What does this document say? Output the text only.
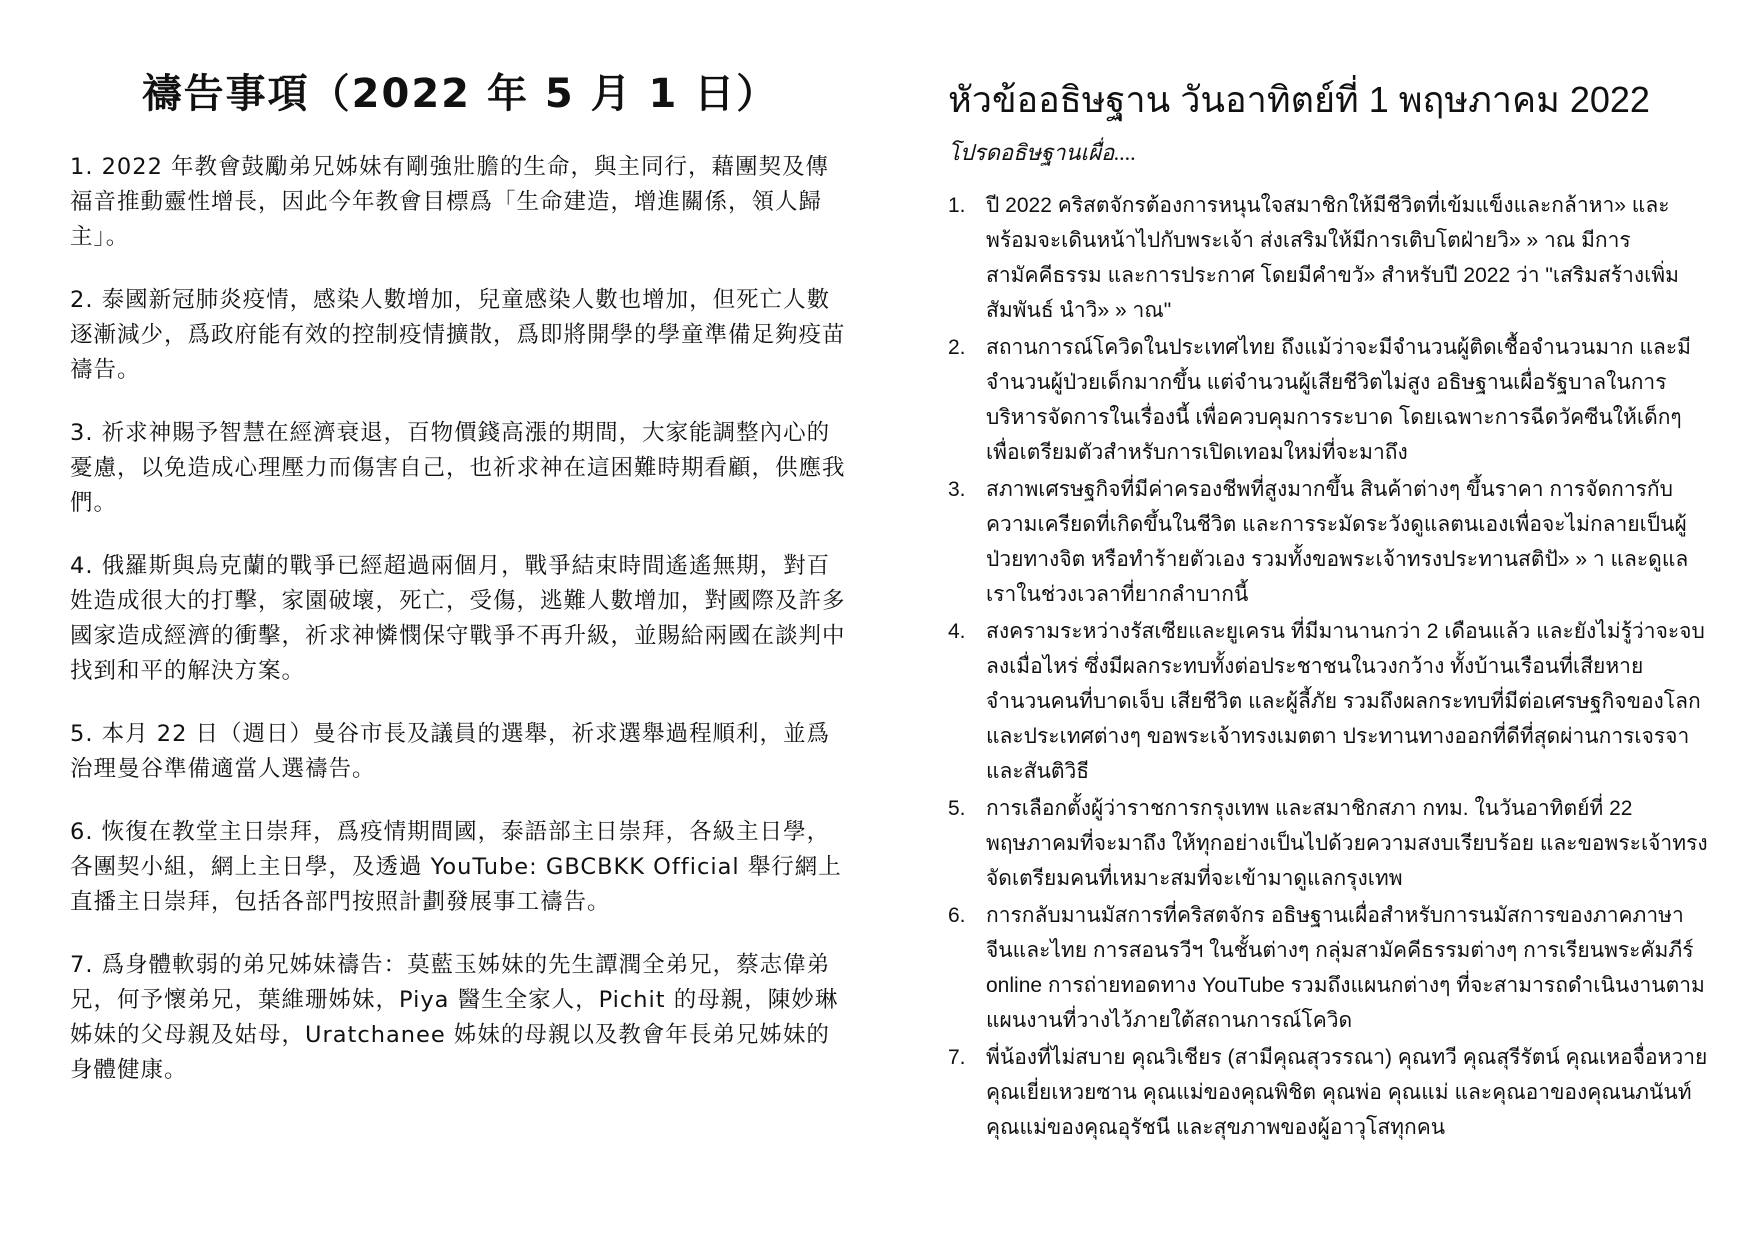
禱告事項（2022 年 5 月 1 日）

1. 2022 年教會鼓勵弟兄姊妹有剛強壯膽的生命，與主同行，藉團契及傳福音推動靈性增長，因此今年教會目標爲「生命建造，增進關係，領人歸主」。

2. 泰國新冠肺炎疫情，感染人數增加，兒童感染人數也增加，但死亡人數逐漸減少，爲政府能有效的控制疫情擴散，爲即將開學的學童準備足夠疫苗禱告。

3. 祈求神賜予智慧在經濟衰退，百物價錢高漲的期間，大家能調整內心的憂慮，以免造成心理壓力而傷害自己，也祈求神在這困難時期看顧，供應我們。

4. 俄羅斯與烏克蘭的戰爭已經超過兩個月，戰爭結束時間遙遙無期，對百姓造成很大的打擊，家園破壞，死亡，受傷，逃難人數增加，對國際及許多國家造成經濟的衝擊，祈求神憐憫保守戰爭不再升級，並賜給兩國在談判中找到和平的解決方案。

5. 本月 22 日（週日）曼谷市長及議員的選舉，祈求選舉過程順利，並爲治理曼谷準備適當人選禱告。

6. 恢復在教堂主日崇拜，爲疫情期間國，泰語部主日崇拜，各級主日學，各團契小組，網上主日學，及透過 YouTube: GBCBKK Official 舉行網上直播主日崇拜，包括各部門按照計劃發展事工禱告。

7. 爲身體軟弱的弟兄姊妹禱告：莫藍玉姊妹的先生譚潤全弟兄，蔡志偉弟兄，何予懷弟兄，葉維珊姊妹，Piya 醫生全家人，Pichit 的母親，陳妙琳姊妹的父母親及姑母，Uratchanee 姊妹的母親以及教會年長弟兄姊妹的身體健康。

หัวข้ออธิษฐาน วันอาทิตย์ที่ 1 พฤษภาคม 2022

โปรดอธิษฐานเผื่อ....

1. ปี 2022 คริสตจักรต้องการหนุนใจสมาชิกให้มีชีวิตที่เข้มแข็งและกล้าหา» และพร้อมจะเดินหน้าไปกับพระเจ้า ส่งเสริมให้มีการเติบโตฝ่ายวิ» » าณ มีการสามัคคีธรรม และการประกาศ โดยมีคำขวั» สำหรับปี 2022 ว่า "เสริมสร้างเพิ่มสัมพันธ์ นำวิ» » าณ"
2. สถานการณ์โควิดในประเทศไทย ถึงแม้ว่าจะมีจำนวนผู้ติดเชื้อจำนวนมาก และมีจำนวนผู้ป่วยเด็กมากขึ้น แต่จำนวนผู้เสียชีวิตไม่สูง อธิษฐานเผื่อรัฐบาลในการบริหารจัดการในเรื่องนี้ เพื่อควบคุมการระบาด โดยเฉพาะการฉีดวัคซีนให้เด็กๆ เพื่อเตรียมตัวสำหรับการเปิดเทอมใหม่ที่จะมาถึง
3. สภาพเศรษฐกิจที่มีค่าครองชีพที่สูงมากขึ้น สินค้าต่างๆ ขึ้นราคา การจัดการกับความเครียดที่เกิดขึ้นในชีวิต และการระมัดระวังดูแลตนเองเพื่อจะไม่กลายเป็นผู้ป่วยทางจิต หรือทำร้ายตัวเอง รวมทั้งขอพระเจ้าทรงประทานสติปั» » า และดูแลเราในช่วงเวลาที่ยากลำบากนี้
4. สงครามระหว่างรัสเซียและยูเครน ที่มีมานานกว่า 2 เดือนแล้ว และยังไม่รู้ว่าจะจบลงเมื่อไหร่ ซึ่งมีผลกระทบทั้งต่อประชาชนในวงกว้าง ทั้งบ้านเรือนที่เสียหาย จำนวนคนที่บาดเจ็บ เสียชีวิต และผู้ลี้ภัย รวมถึงผลกระทบที่มีต่อเศรษฐกิจของโลก และประเทศต่างๆ ขอพระเจ้าทรงเมตตา ประทานทางออกที่ดีที่สุดผ่านการเจรจาและสันติวิธี
5. การเลือกตั้งผู้ว่าราชการกรุงเทพ และสมาชิกสภา กทม. ในวันอาทิตย์ที่ 22 พฤษภาคมที่จะมาถึง ให้ทุกอย่างเป็นไปด้วยความสงบเรียบร้อย และขอพระเจ้าทรงจัดเตรียมคนที่เหมาะสมที่จะเข้ามาดูแลกรุงเทพ
6. การกลับมานมัสการที่คริสตจักร อธิษฐานเผื่อสำหรับการนมัสการของภาคภาษาจีนและไทย การสอนรวีฯ ในชั้นต่างๆ กลุ่มสามัคคีธรรมต่างๆ การเรียนพระคัมภีร์ online การถ่ายทอดทาง YouTube รวมถึงแผนกต่างๆ ที่จะสามารถดำเนินงานตามแผนงานที่วางไว้ภายใต้สถานการณ์โควิด
7. พี่น้องที่ไม่สบาย คุณวิเชียร (สามีคุณสุวรรณา) คุณทวี คุณสุรีรัตน์ คุณเหอจื่อหวาย คุณเยี่ยเหวยซาน คุณแม่ของคุณพิชิต คุณพ่อ คุณแม่ และคุณอาของคุณนภนันท์ คุณแม่ของคุณอุรัชนี และสุขภาพของผู้อาวุโสทุกคน
